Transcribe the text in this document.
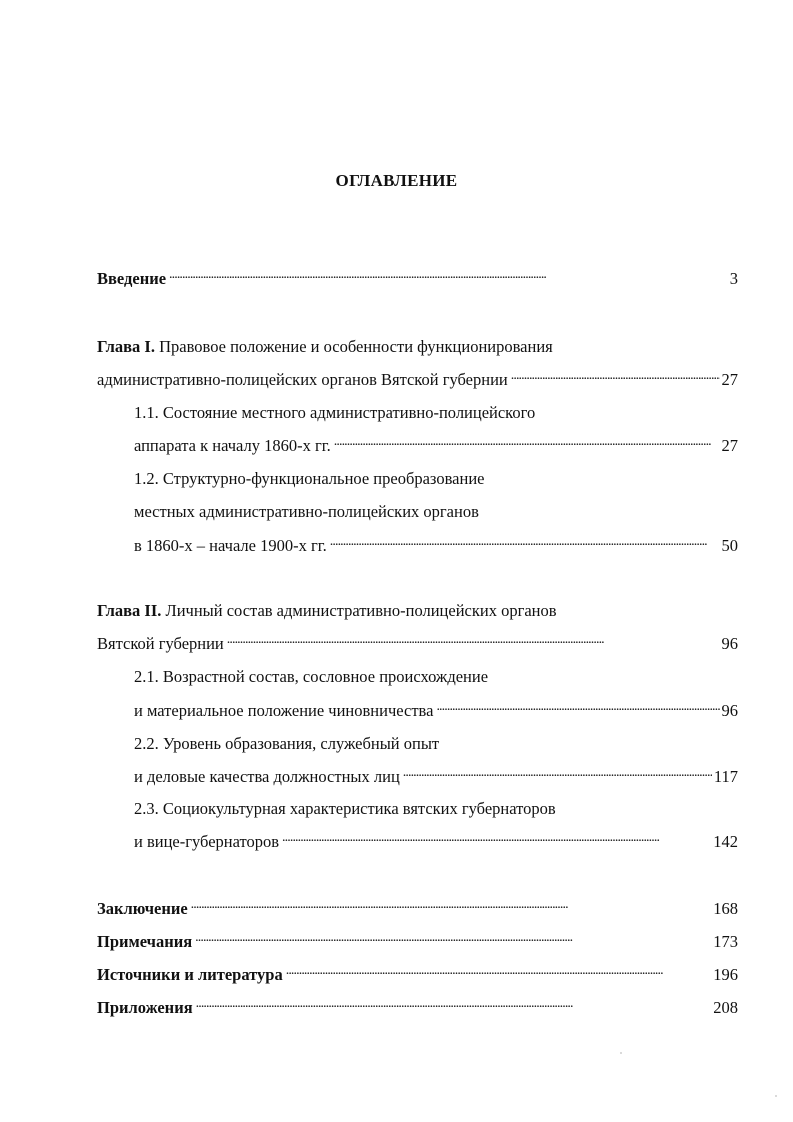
ОГЛАВЛЕНИЕ
Введение . . .	3
Глава I. Правовое положение и особенности функционирования
административно-полицейских органов Вятской губернии . . .	27
1.1. Состояние местного административно-полицейского
аппарата к началу 1860-х гг. . . .	27
1.2. Структурно-функциональное преобразование
местных административно-полицейских органов
в 1860-х – начале 1900-х гг. . . .	50
Глава II. Личный состав административно-полицейских органов
Вятской губернии . . .	96
2.1. Возрастной состав, сословное происхождение
и материальное положение чиновничества . . .	96
2.2. Уровень образования, служебный опыт
и деловые качества должностных лиц . . .	117
2.3. Социокультурная характеристика вятских губернаторов
и вице-губернаторов . . .	142
Заключение . . .	168
Примечания . . .	173
Источники и литература . . .	196
Приложения . . .	208
